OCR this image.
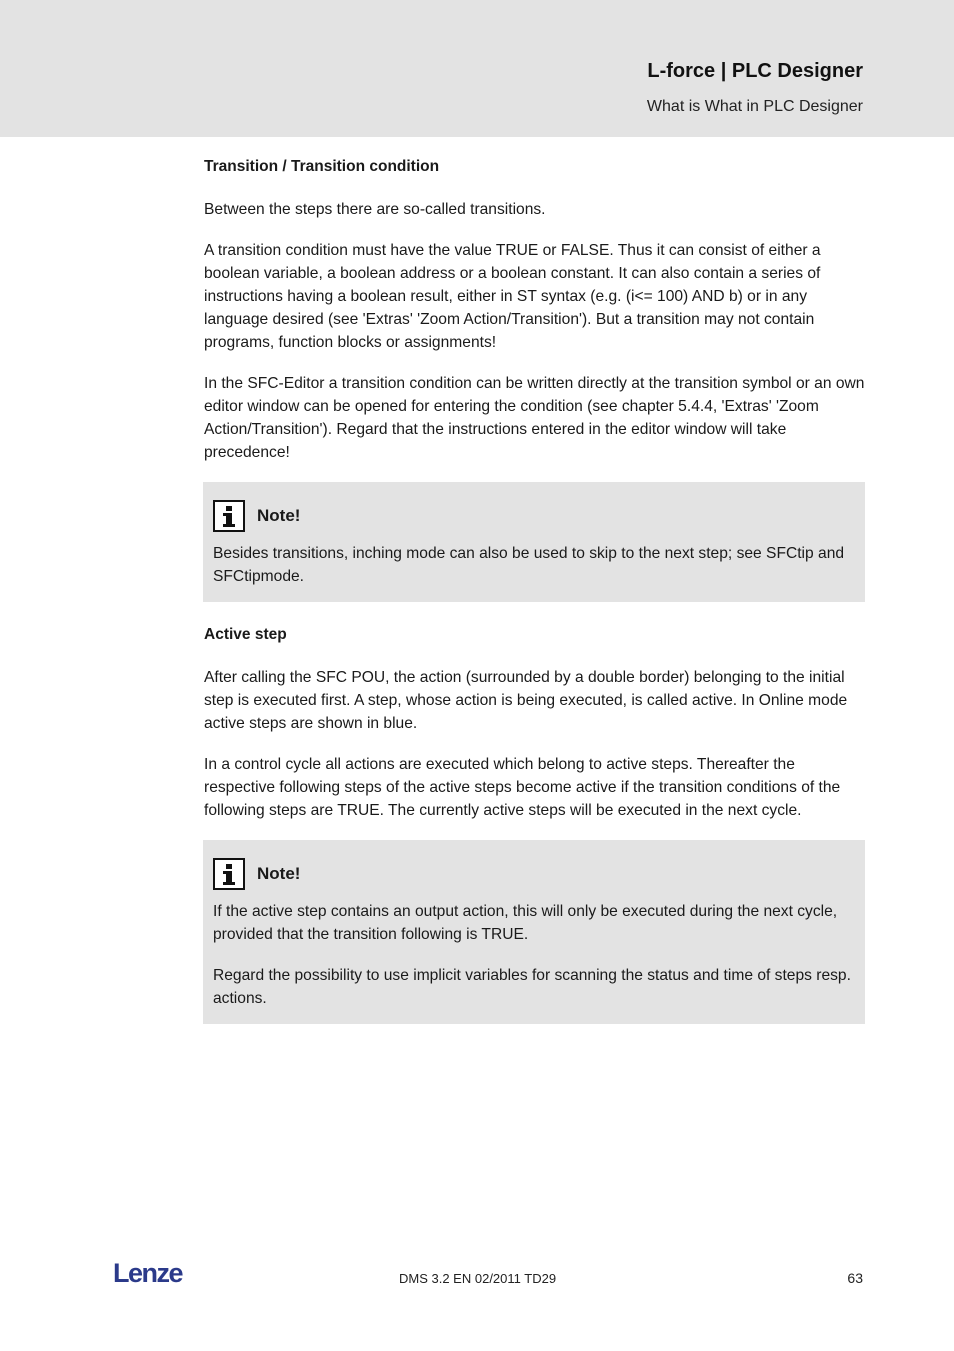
L-force | PLC Designer
What is What in PLC Designer
Transition / Transition condition

Between the steps there are so-called transitions.

A transition condition must have the value TRUE or FALSE. Thus it can consist of either a boolean variable, a boolean address or a boolean constant. It can also contain a series of instructions having a boolean result, either in ST syntax (e.g. (i<= 100) AND b) or in any language desired (see 'Extras' 'Zoom Action/Transition'). But a transition may not contain programs, function blocks or assignments!

In the SFC-Editor a transition condition can be written directly at the transition symbol or an own editor window can be opened for entering the condition (see chapter 5.4.4, 'Extras' 'Zoom Action/Transition'). Regard that the instructions entered in the editor window will take precedence!

Note!

Besides transitions, inching mode can also be used to skip to the next step; see SFCtip and SFCtipmode.

Active step

After calling the SFC POU, the action (surrounded by a double border) belonging to the initial step is executed first. A step, whose action is being executed, is called active. In Online mode active steps are shown in blue.

In a control cycle all actions are executed which belong to active steps. Thereafter the respective following steps of the active steps become active if the transition conditions of the following steps are TRUE. The currently active steps will be executed in the next cycle.

Note!

If the active step contains an output action, this will only be executed during the next cycle, provided that the transition following is TRUE.

Regard the possibility to use implicit variables for scanning the status and time of steps resp. actions.

Lenze	DMS 3.2 EN 02/2011 TD29	63
